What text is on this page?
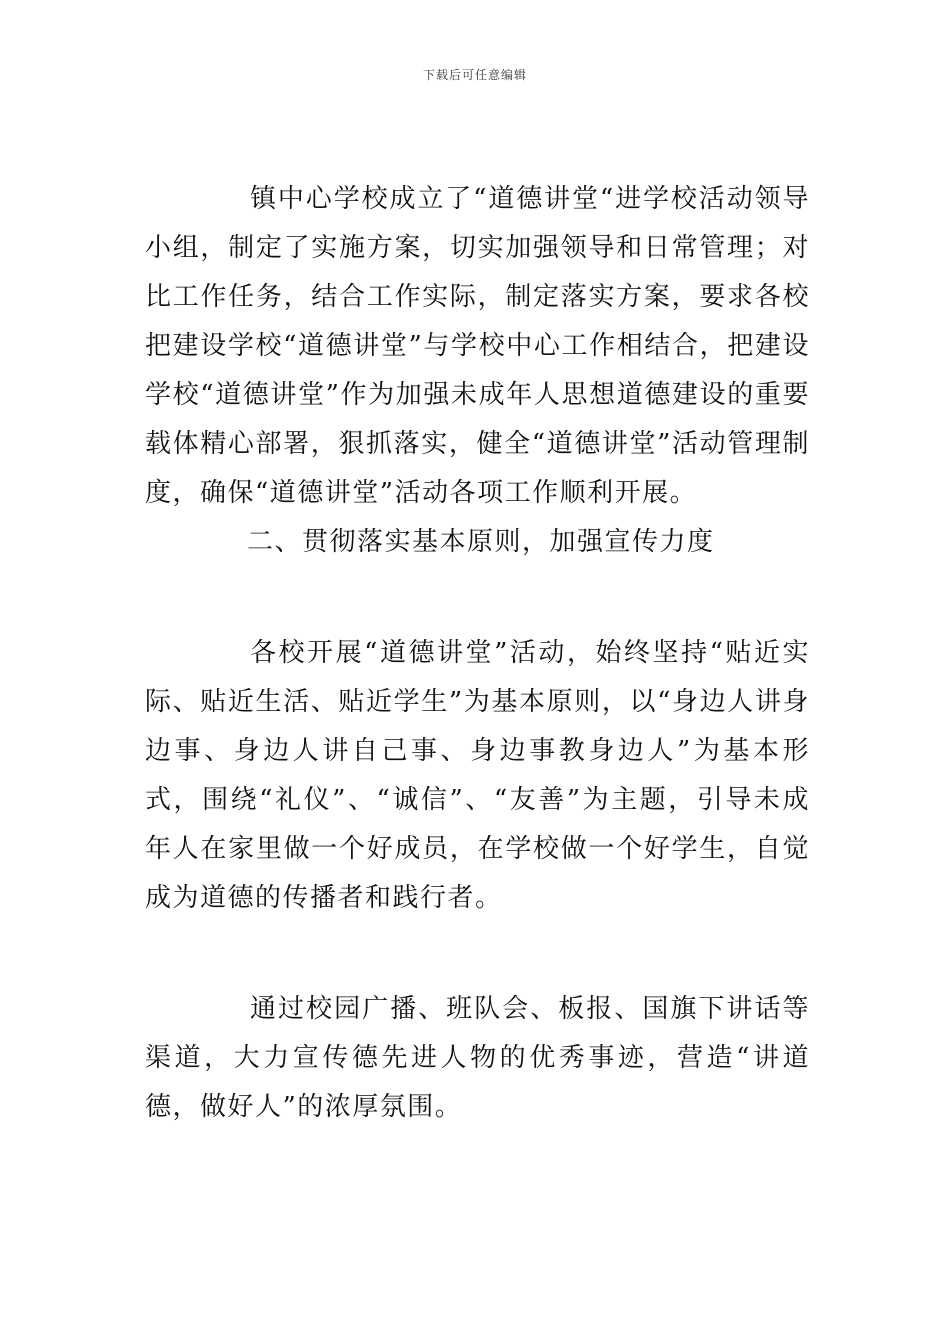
下载后可任意编辑

镇中心学校成立了“道德讲堂“进学校活动领导小组，制定了实施方案，切实加强领导和日常管理；对比工作任务，结合工作实际，制定落实方案，要求各校把建设学校“道德讲堂”与学校中心工作相结合，把建设学校“道德讲堂”作为加强未成年人思想道德建设的重要载体精心部署，狠抓落实，健全“道德讲堂”活动管理制度，确保“道德讲堂”活动各项工作顺利开展。

二、贯彻落实基本原则，加强宣传力度

各校开展“道德讲堂”活动，始终坚持“贴近实际、贴近生活、贴近学生”为基本原则，以“身边人讲身边事、身边人讲自己事、身边事教身边人”为基本形式，围绕“礼仪”、“诚信”、“友善”为主题，引导未成年人在家里做一个好成员，在学校做一个好学生，自觉成为道德的传播者和践行者。

通过校园广播、班队会、板报、国旗下讲话等渠道，大力宣传德先进人物的优秀事迹，营造“讲道德，做好人”的浓厚氛围。
